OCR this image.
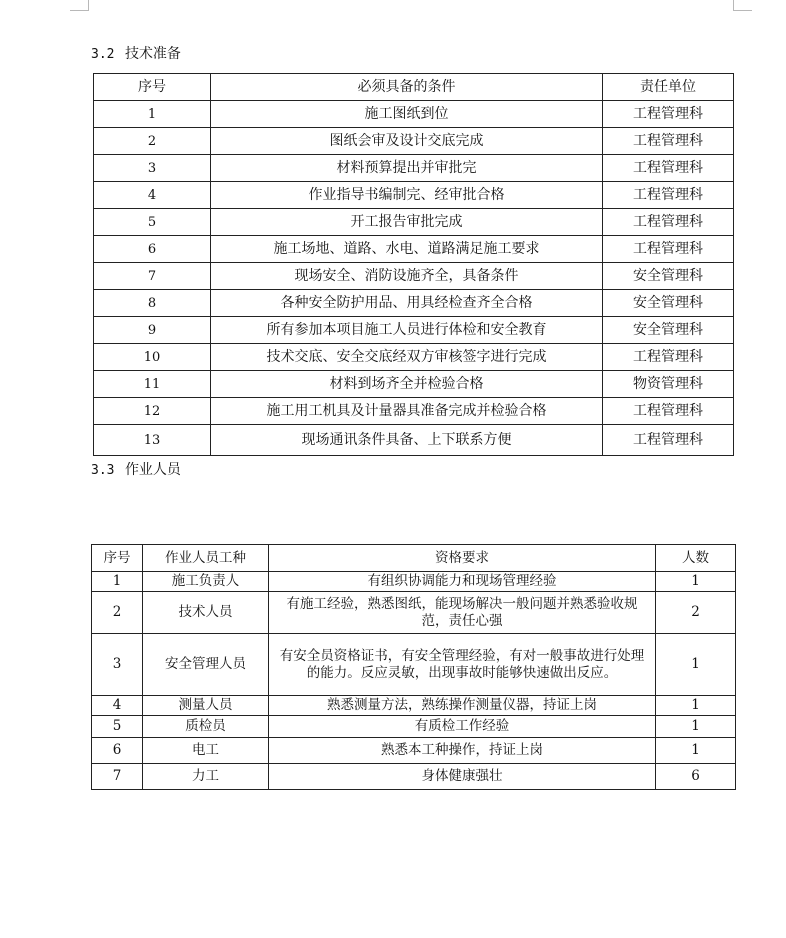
3.2 技术准备
序号	必须具备的条件	责任单位
1	施工图纸到位	工程管理科
2	图纸会审及设计交底完成	工程管理科
3	材料预算提出并审批完	工程管理科
4	作业指导书编制完、经审批合格	工程管理科
5	开工报告审批完成	工程管理科
6	施工场地、道路、水电、道路满足施工要求	工程管理科
7	现场安全、消防设施齐全，具备条件	安全管理科
8	各种安全防护用品、用具经检查齐全合格	安全管理科
9	所有参加本项目施工人员进行体检和安全教育	安全管理科
10	技术交底、安全交底经双方审核签字进行完成	工程管理科
11	材料到场齐全并检验合格	物资管理科
12	施工用工机具及计量器具准备完成并检验合格	工程管理科
13	现场通讯条件具备、上下联系方便	工程管理科
3.3 作业人员
序号	作业人员工种	资格要求	人数
1	施工负责人	有组织协调能力和现场管理经验	1
2	技术人员	有施工经验，熟悉图纸，能现场解决一般问题并熟悉验收规范，责任心强	2
3	安全管理人员	有安全员资格证书，有安全管理经验，有对一般事故进行处理的能力。反应灵敏，出现事故时能够快速做出反应。	1
4	测量人员	熟悉测量方法，熟练操作测量仪器，持证上岗	1
5	质检员	有质检工作经验	1
6	电工	熟悉本工种操作，持证上岗	1
7	力工	身体健康强壮	6
